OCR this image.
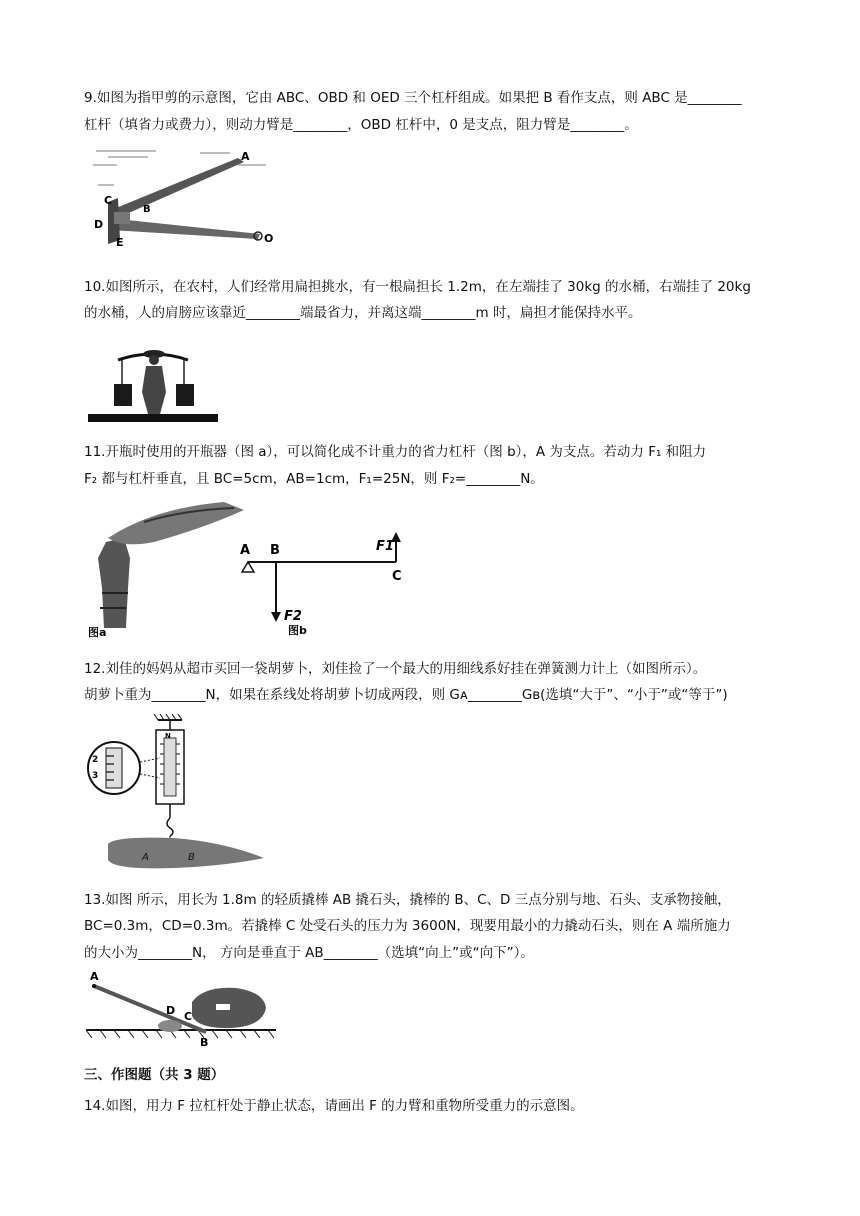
9.如图为指甲剪的示意图，它由 ABC、OBD 和 OED 三个杠杆组成。如果把 B 看作支点，则 ABC 是________
杠杆（填省力或费力），则动力臂是________，OBD 杠杆中，0 是支点，阻力臂是________。
A
B
C
D
E	O
10.如图所示，在农村，人们经常用扁担挑水，有一根扁担长 1.2m，在左端挂了 30kg 的水桶，右端挂了 20kg
的水桶，人的肩膀应该靠近________端最省力，并离这端________m 时，扁担才能保持水平。
11.开瓶时使用的开瓶器（图 a），可以简化成不计重力的省力杠杆（图 b），A 为支点。若动力 F₁ 和阻力
F₂ 都与杠杆垂直，且 BC=5cm，AB=1cm，F₁=25N，则 F₂=________N。
图a
A B
C
F1
F2
图b
12.刘佳的妈妈从超市买回一袋胡萝卜，刘佳捡了一个最大的用细线系好挂在弹簧测力计上（如图所示）。
胡萝卜重为________N，如果在系线处将胡萝卜切成两段，则 Gᴀ________Gʙ(选填“大于”、“小于”或“等于”)
N
2
3
A	B
13.如图 所示，用长为 1.8m 的轻质撬棒 AB 撬石头，撬棒的 B、C、D 三点分别与地、石头、支承物接触，
BC=0.3m，CD=0.3m。若撬棒 C 处受石头的压力为 3600N，现要用最小的力撬动石头，则在 A 端所施力
的大小为________N， 方向是垂直于 AB________（选填“向上”或“向下”）。
A
D C
B
三、作图题（共 3 题）
14.如图，用力 F 拉杠杆处于静止状态，请画出 F 的力臂和重物所受重力的示意图。
